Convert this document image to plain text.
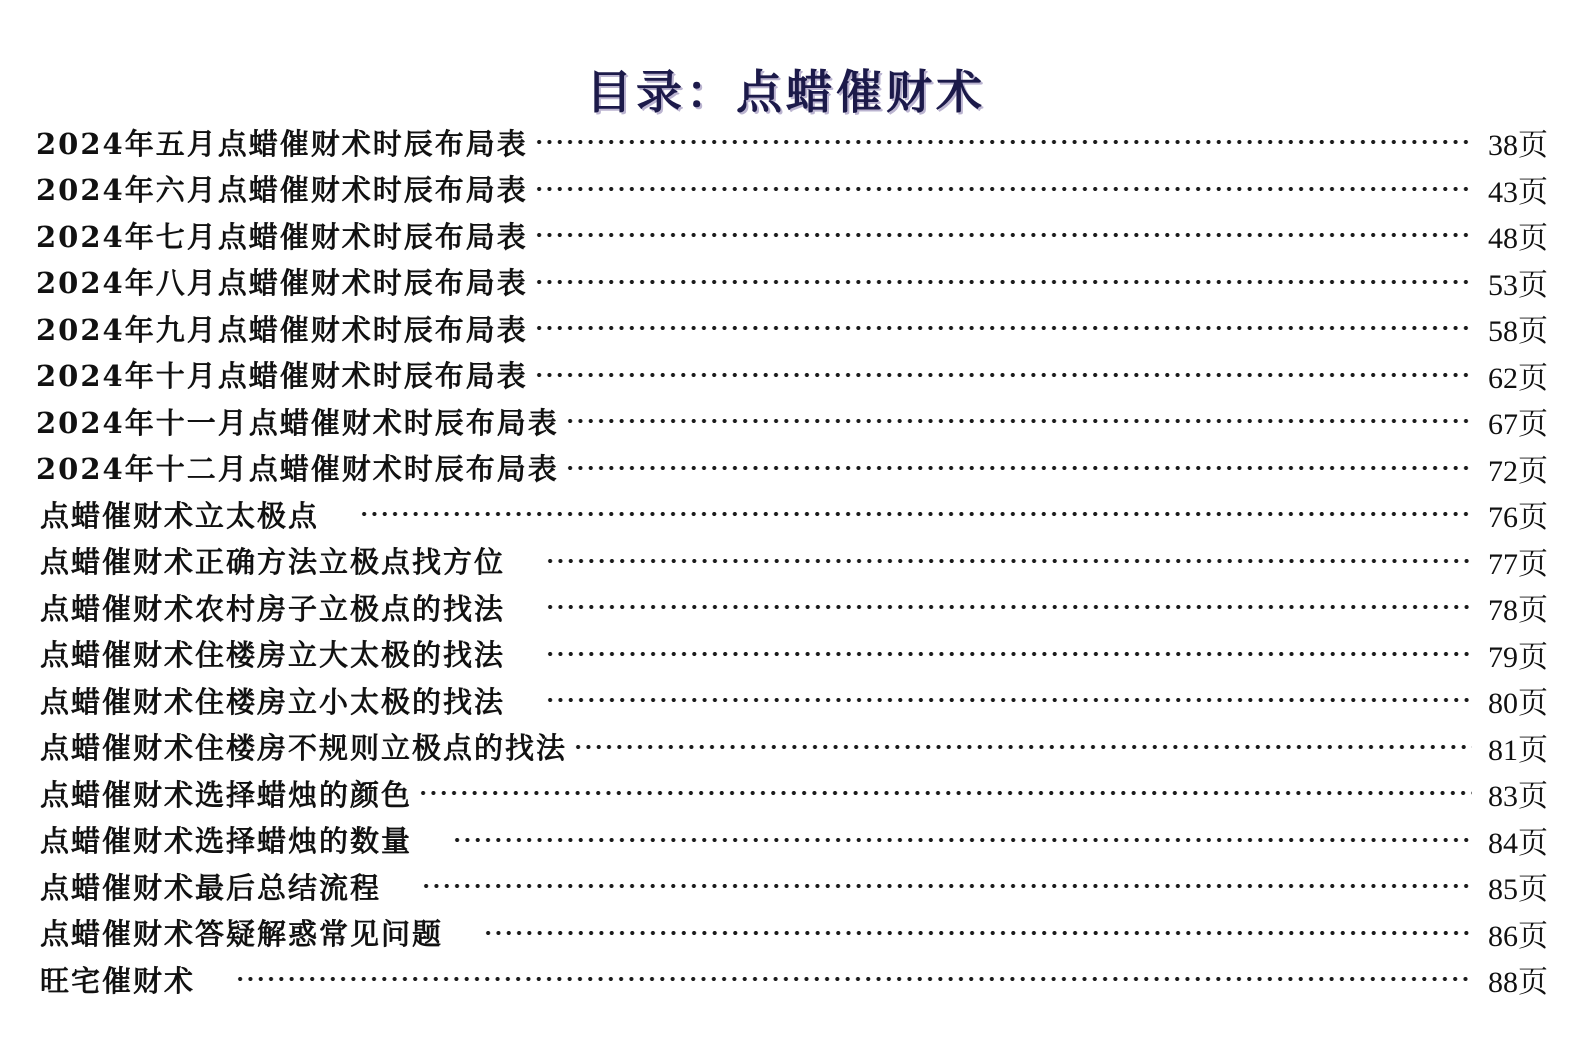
目录：点蜡催财术
2024年五月点蜡催财术时辰布局表	38页
2024年六月点蜡催财术时辰布局表	43页
2024年七月点蜡催财术时辰布局表	48页
2024年八月点蜡催财术时辰布局表	53页
2024年九月点蜡催财术时辰布局表	58页
2024年十月点蜡催财术时辰布局表	62页
2024年十一月点蜡催财术时辰布局表	67页
2024年十二月点蜡催财术时辰布局表	72页
点蜡催财术立太极点	76页
点蜡催财术正确方法立极点找方位	77页
点蜡催财术农村房子立极点的找法	78页
点蜡催财术住楼房立大太极的找法	79页
点蜡催财术住楼房立小太极的找法	80页
点蜡催财术住楼房不规则立极点的找法	81页
点蜡催财术选择蜡烛的颜色	83页
点蜡催财术选择蜡烛的数量	84页
点蜡催财术最后总结流程	85页
点蜡催财术答疑解惑常见问题	86页
旺宅催财术	88页
